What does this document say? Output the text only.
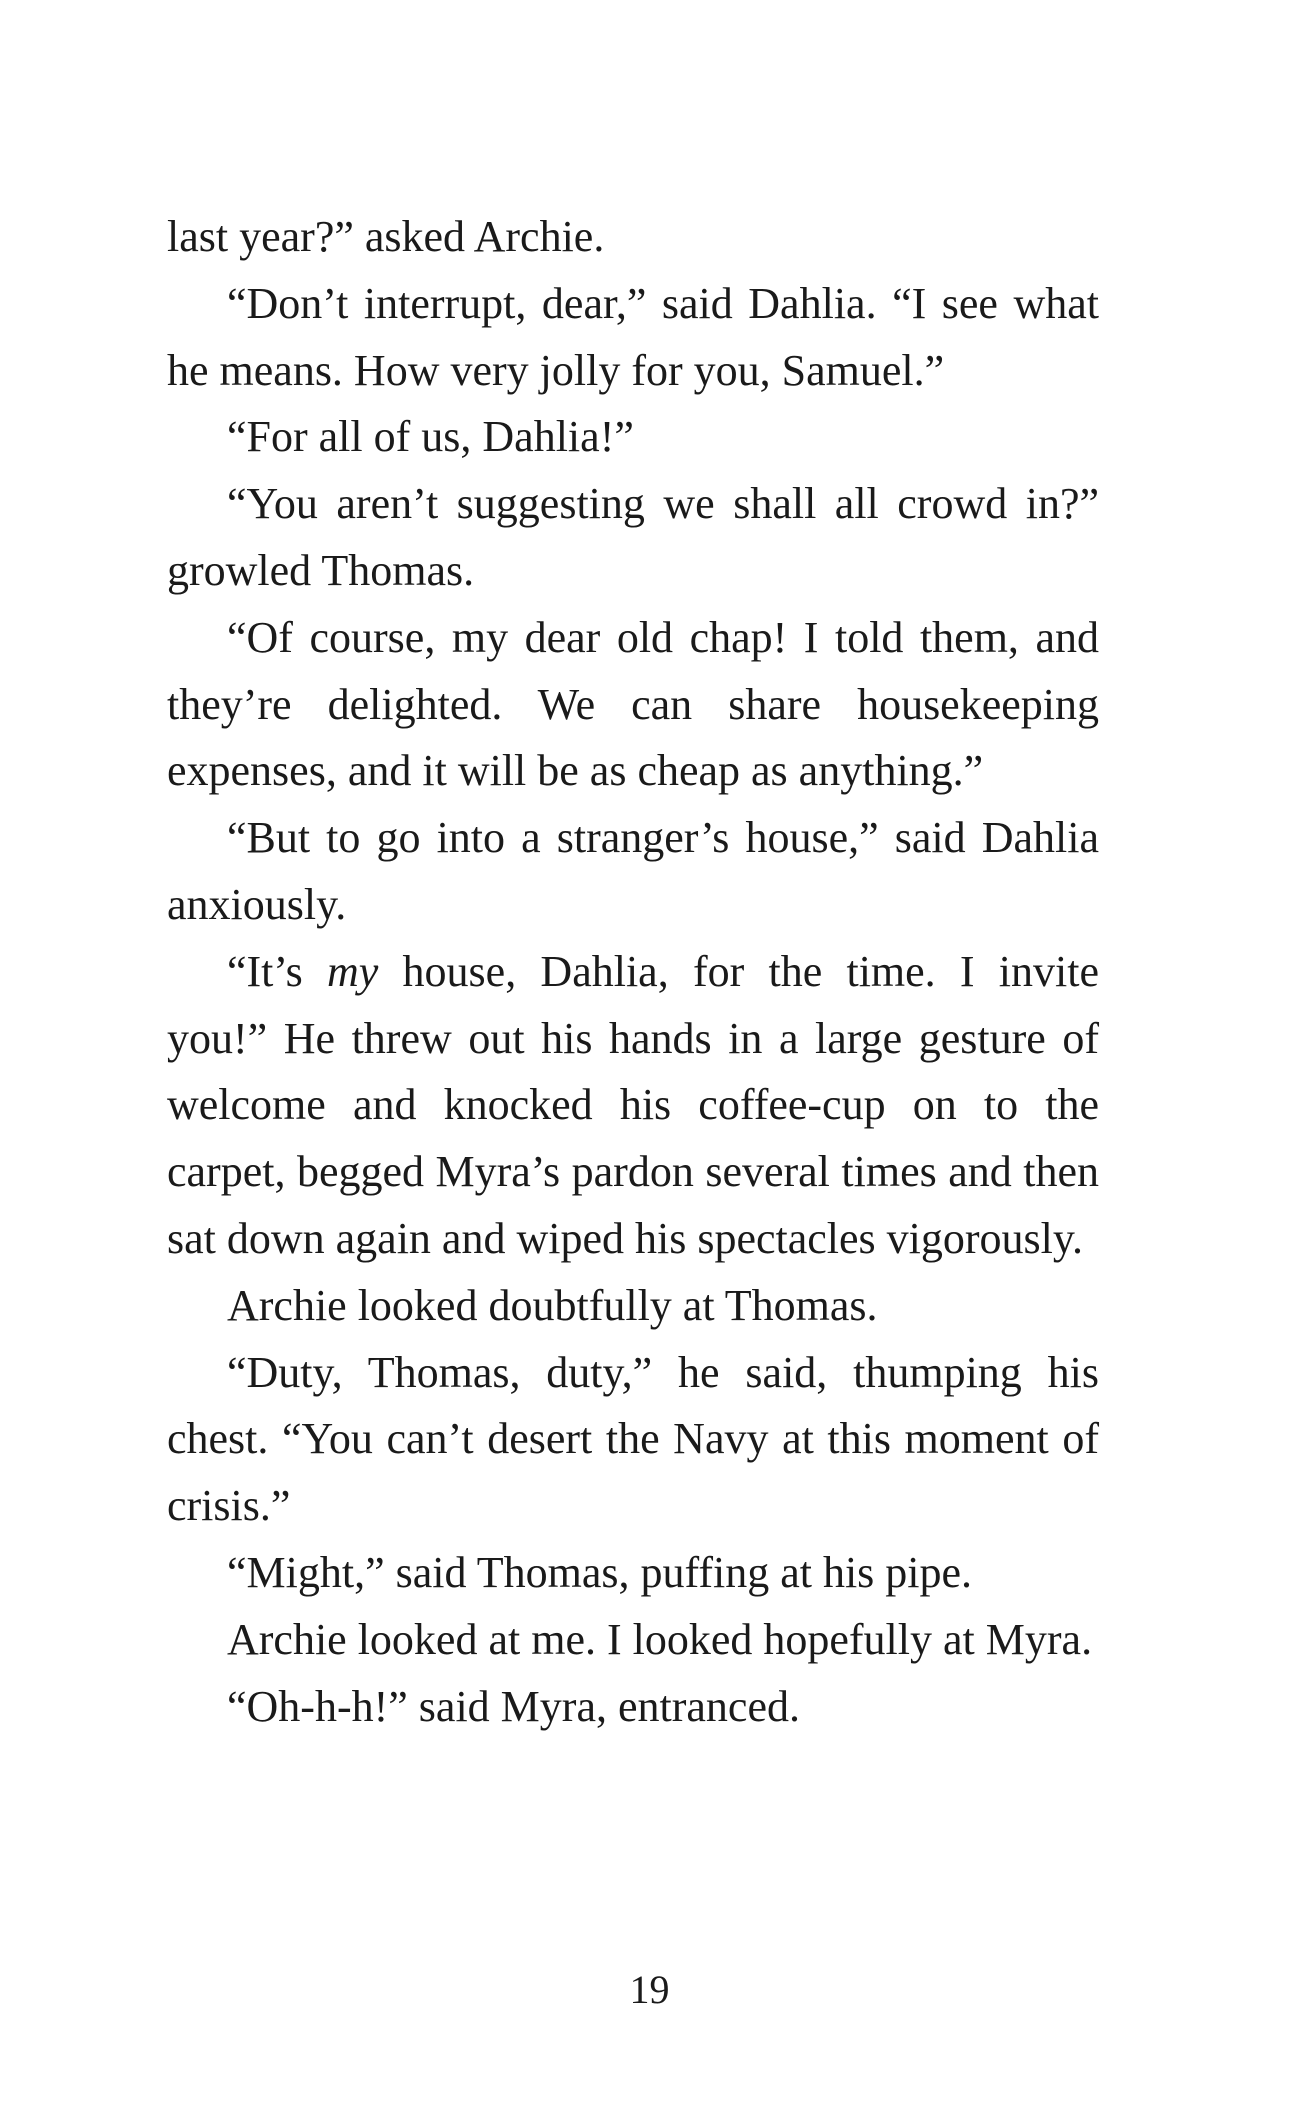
last year?” asked Archie.

“Don’t interrupt, dear,” said Dahlia. “I see what he means. How very jolly for you, Samuel.”

“For all of us, Dahlia!”

“You aren’t suggesting we shall all crowd in?” growled Thomas.

“Of course, my dear old chap! I told them, and they’re delighted. We can share housekeeping expenses, and it will be as cheap as anything.”

“But to go into a stranger’s house,” said Dahlia anxiously.

“It’s my house, Dahlia, for the time. I invite you!” He threw out his hands in a large gesture of welcome and knocked his coffee-cup on to the carpet, begged Myra’s pardon several times and then sat down again and wiped his spectacles vigorously.

Archie looked doubtfully at Thomas.

“Duty, Thomas, duty,” he said, thumping his chest. “You can’t desert the Navy at this moment of crisis.”

“Might,” said Thomas, puffing at his pipe.

Archie looked at me. I looked hopefully at Myra.

“Oh-h-h!” said Myra, entranced.

19
